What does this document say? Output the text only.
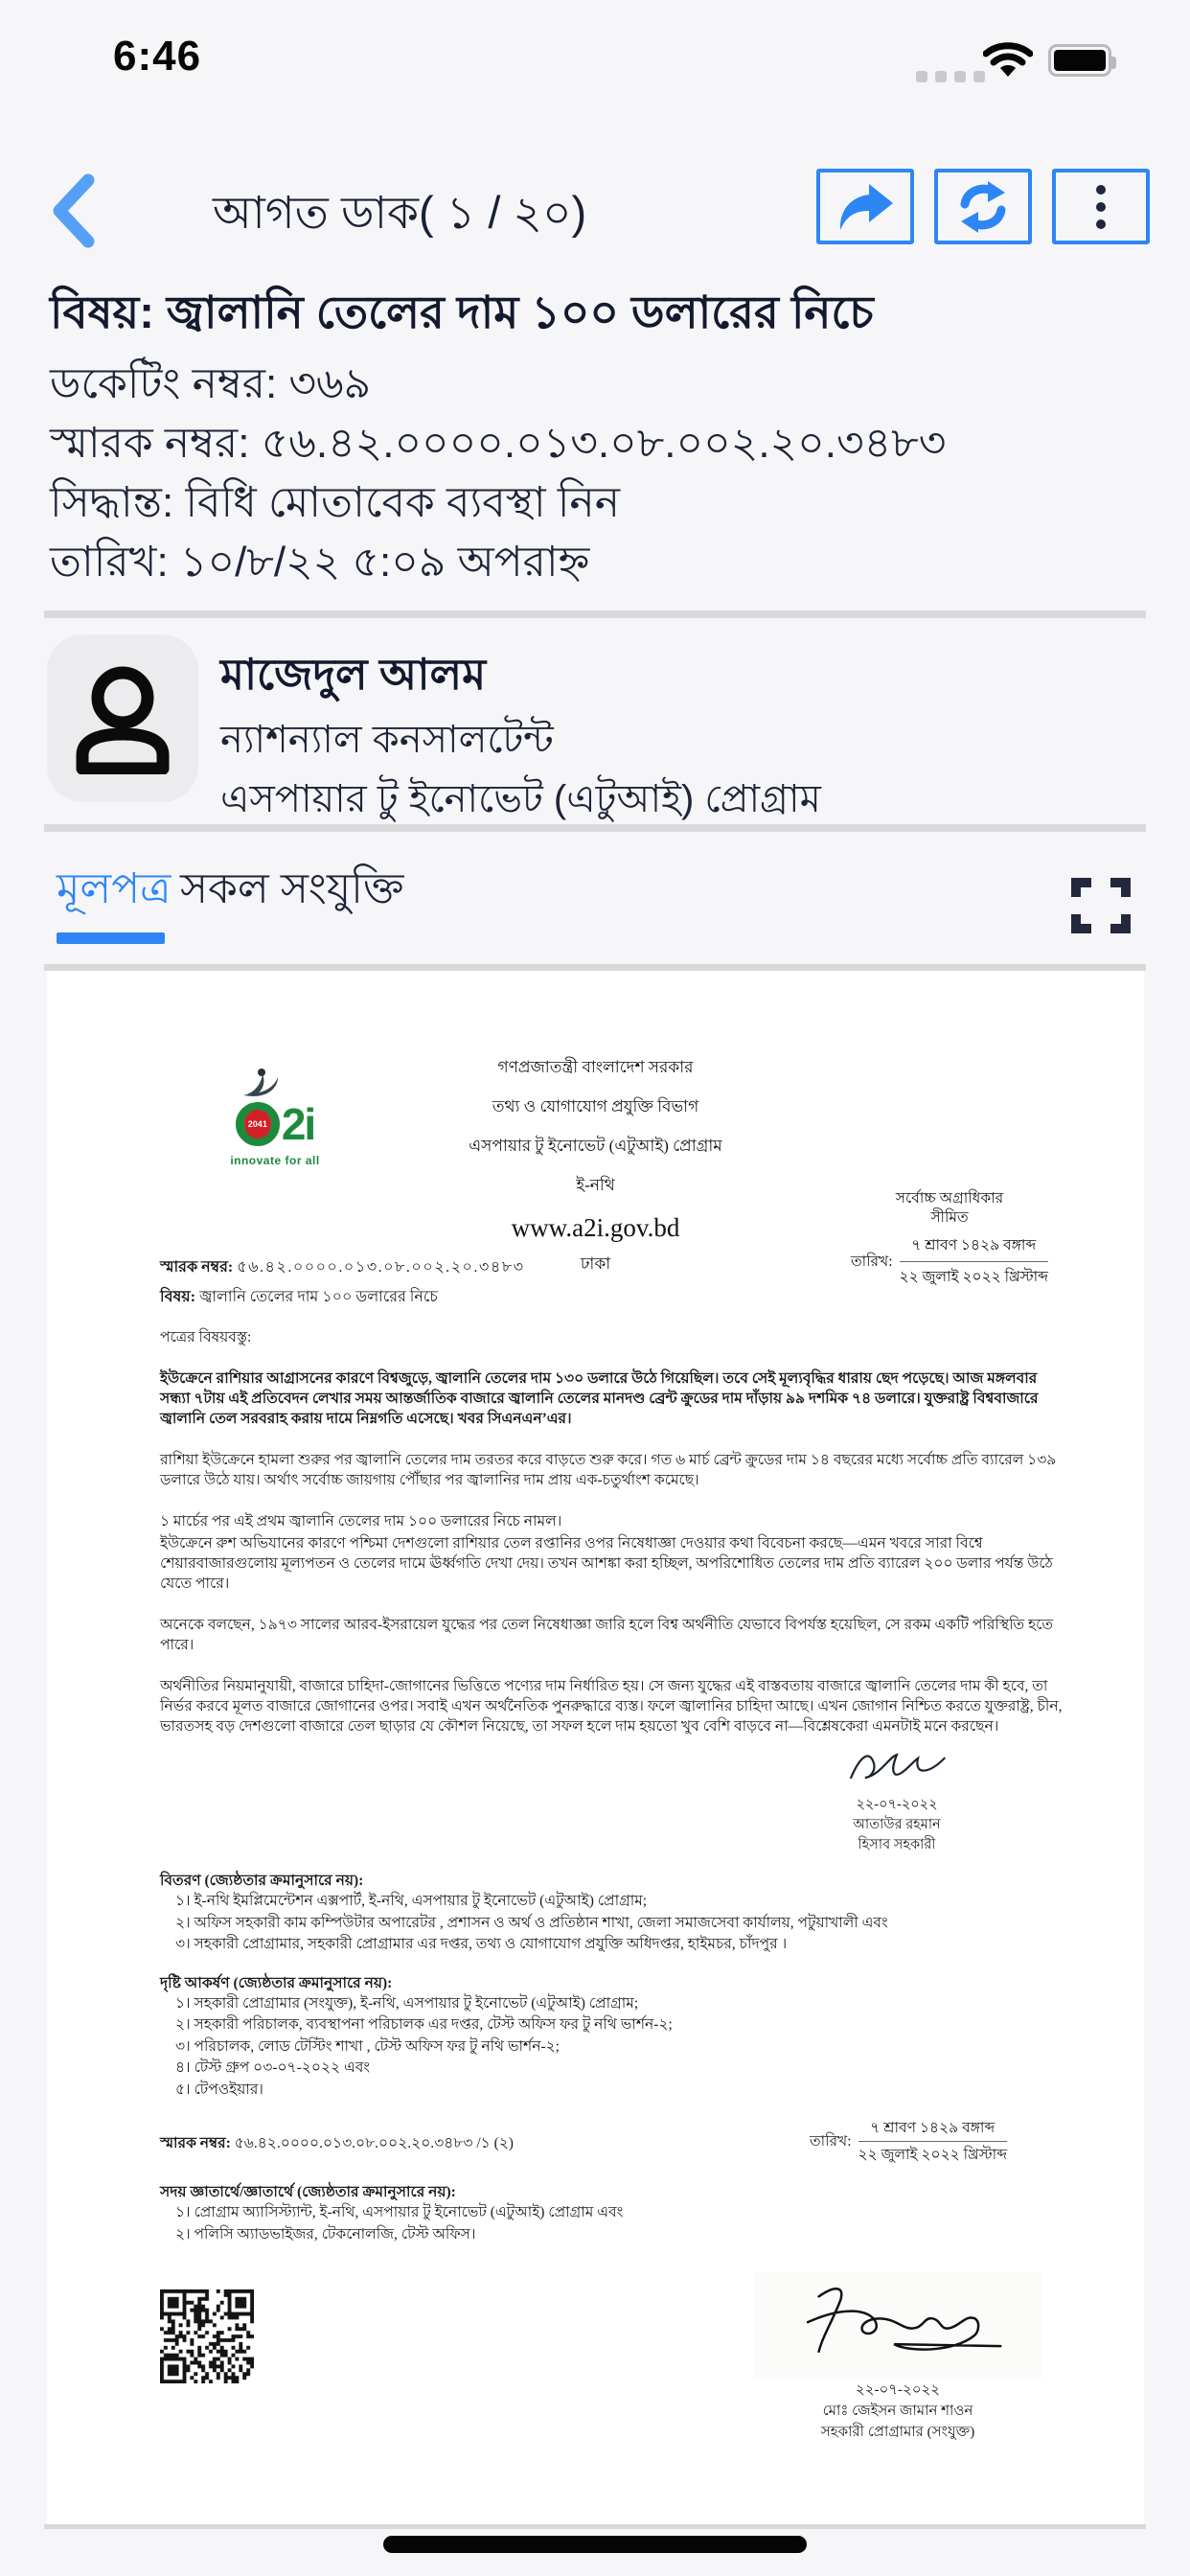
6:46
আগত ডাক( ১ / ২০)
বিষয়: জ্বালানি তেলের দাম ১০০ ডলারের নিচে
ডকেটিং নম্বর: ৩৬৯
স্মারক নম্বর: ৫৬.৪২.০০০০.০১৩.০৮.০০২.২০.৩৪৮৩
সিদ্ধান্ত: বিধি মোতাবেক ব্যবস্থা নিন
তারিখ: ১০/৮/২২ ৫:০৯ অপরাহ্ন
মাজেদুল আলম
ন্যাশন্যাল কনসালটেন্ট
এসপায়ার টু ইনোভেট (এটুআই) প্রোগ্রাম
মূলপত্র সকল সংযুক্তি
2041 2i
innovate for all
গণপ্রজাতন্ত্রী বাংলাদেশ সরকার
তথ্য ও যোগাযোগ প্রযুক্তি বিভাগ
এসপায়ার টু ইনোভেট (এটুআই) প্রোগ্রাম
ই-নথি
www.a2i.gov.bd
ঢাকা
সর্বোচ্চ অগ্রাধিকার
সীমিত
তারিখ: $\frac{\text{৭ শ্রাবণ ১৪২৯ বঙ্গাব্দ}}{\text{২২ জুলাই ২০২২ খ্রিস্টাব্দ}}$
স্মারক নম্বর: ৫৬.৪২.০০০০.০১৩.০৮.০০২.২০.৩৪৮৩
বিষয়: জ্বালানি তেলের দাম ১০০ ডলারের নিচে
পত্রের বিষয়বস্তু:
ইউক্রেনে রাশিয়ার আগ্রাসনের কারণে বিশ্বজুড়ে, জ্বালানি তেলের দাম ১৩০ ডলারে উঠে গিয়েছিল। তবে সেই মূল্যবৃদ্ধির ধারায় ছেদ পড়েছে। আজ মঙ্গলবার সন্ধ্যা ৭টায় এই প্রতিবেদন লেখার সময় আন্তর্জাতিক বাজারে জ্বালানি তেলের মানদণ্ড ব্রেন্ট ক্রুডের দাম দাঁড়ায় ৯৯ দশমিক ৭৪ ডলারে। যুক্তরাষ্ট্র বিশ্ববাজারে জ্বালানি তেল সরবরাহ করায় দামে নিম্নগতি এসেছে। খবর সিএনএন’এর।
রাশিয়া ইউক্রেনে হামলা শুরুর পর জ্বালানি তেলের দাম তরতর করে বাড়তে শুরু করে। গত ৬ মার্চ ব্রেন্ট ক্রুডের দাম ১৪ বছরের মধ্যে সর্বোচ্চ প্রতি ব্যারেল ১৩৯ ডলারে উঠে যায়। অর্থাৎ সর্বোচ্চ জায়গায় পৌঁছার পর জ্বালানির দাম প্রায় এক-চতুর্থাংশ কমেছে।
১ মার্চের পর এই প্রথম জ্বালানি তেলের দাম ১০০ ডলারের নিচে নামল।
ইউক্রেনে রুশ অভিযানের কারণে পশ্চিমা দেশগুলো রাশিয়ার তেল রপ্তানির ওপর নিষেধাজ্ঞা দেওয়ার কথা বিবেচনা করছে—এমন খবরে সারা বিশ্বে শেয়ারবাজারগুলোয় মূল্যপতন ও তেলের দামে ঊর্ধ্বগতি দেখা দেয়। তখন আশঙ্কা করা হচ্ছিল, অপরিশোধিত তেলের দাম প্রতি ব্যারেল ২০০ ডলার পর্যন্ত উঠে যেতে পারে।
অনেকে বলছেন, ১৯৭৩ সালের আরব-ইসরায়েল যুদ্ধের পর তেল নিষেধাজ্ঞা জারি হলে বিশ্ব অর্থনীতি যেভাবে বিপর্যস্ত হয়েছিল, সে রকম একটি পরিস্থিতি হতে পারে।
অর্থনীতির নিয়মানুযায়ী, বাজারে চাহিদা-জোগানের ভিত্তিতে পণ্যের দাম নির্ধারিত হয়। সে জন্য যুদ্ধের এই বাস্তবতায় বাজারে জ্বালানি তেলের দাম কী হবে, তা নির্ভর করবে মূলত বাজারে জোগানের ওপর। সবাই এখন অর্থনৈতিক পুনরুদ্ধারে ব্যস্ত। ফলে জ্বালানির চাহিদা আছে। এখন জোগান নিশ্চিত করতে যুক্তরাষ্ট্র, চীন, ভারতসহ বড় দেশগুলো বাজারে তেল ছাড়ার যে কৌশল নিয়েছে, তা সফল হলে দাম হয়তো খুব বেশি বাড়বে না—বিশ্লেষকেরা এমনটাই মনে করছেন।
২২-০৭-২০২২
আতাউর রহমান
হিসাব সহকারী
বিতরণ (জ্যেষ্ঠতার ক্রমানুসারে নয়):
১। ই-নথি ইমপ্লিমেন্টেশন এক্সপার্ট, ই-নথি, এসপায়ার টু ইনোভেট (এটুআই) প্রোগ্রাম;
২। অফিস সহকারী কাম কম্পিউটার অপারেটর , প্রশাসন ও অর্থ ও প্রতিষ্ঠান শাখা, জেলা সমাজসেবা কার্যালয়, পটুয়াখালী এবং
৩। সহকারী প্রোগ্রামার, সহকারী প্রোগ্রামার এর দপ্তর, তথ্য ও যোগাযোগ প্রযুক্তি অধিদপ্তর, হাইমচর, চাঁদপুর ।
দৃষ্টি আকর্ষণ (জ্যেষ্ঠতার ক্রমানুসারে নয়):
১। সহকারী প্রোগ্রামার (সংযুক্ত), ই-নথি, এসপায়ার টু ইনোভেট (এটুআই) প্রোগ্রাম;
২। সহকারী পরিচালক, ব্যবস্থাপনা পরিচালক এর দপ্তর, টেস্ট অফিস ফর টু নথি ভার্শন-২;
৩। পরিচালক, লোড টেস্টিং শাখা , টেস্ট অফিস ফর টু নথি ভার্শন-২;
৪। টেস্ট গ্রুপ ০৩-০৭-২০২২ এবং
৫। টেপওইয়ার।
স্মারক নম্বর: ৫৬.৪২.০০০০.০১৩.০৮.০০২.২০.৩৪৮৩ /১ (২)	তারিখ: $\frac{\text{৭ শ্রাবণ ১৪২৯ বঙ্গাব্দ}}{\text{২২ জুলাই ২০২২ খ্রিস্টাব্দ}}$
সদয় জ্ঞাতার্থে/জ্ঞাতার্থে (জ্যেষ্ঠতার ক্রমানুসারে নয়):
১। প্রোগ্রাম অ্যাসিস্ট্যান্ট, ই-নথি, এসপায়ার টু ইনোভেট (এটুআই) প্রোগ্রাম এবং
২। পলিসি অ্যাডভাইজর, টেকনোলজি, টেস্ট অফিস।
২২-০৭-২০২২
মোঃ জেইসন জামান শাওন
সহকারী প্রোগ্রামার (সংযুক্ত)
